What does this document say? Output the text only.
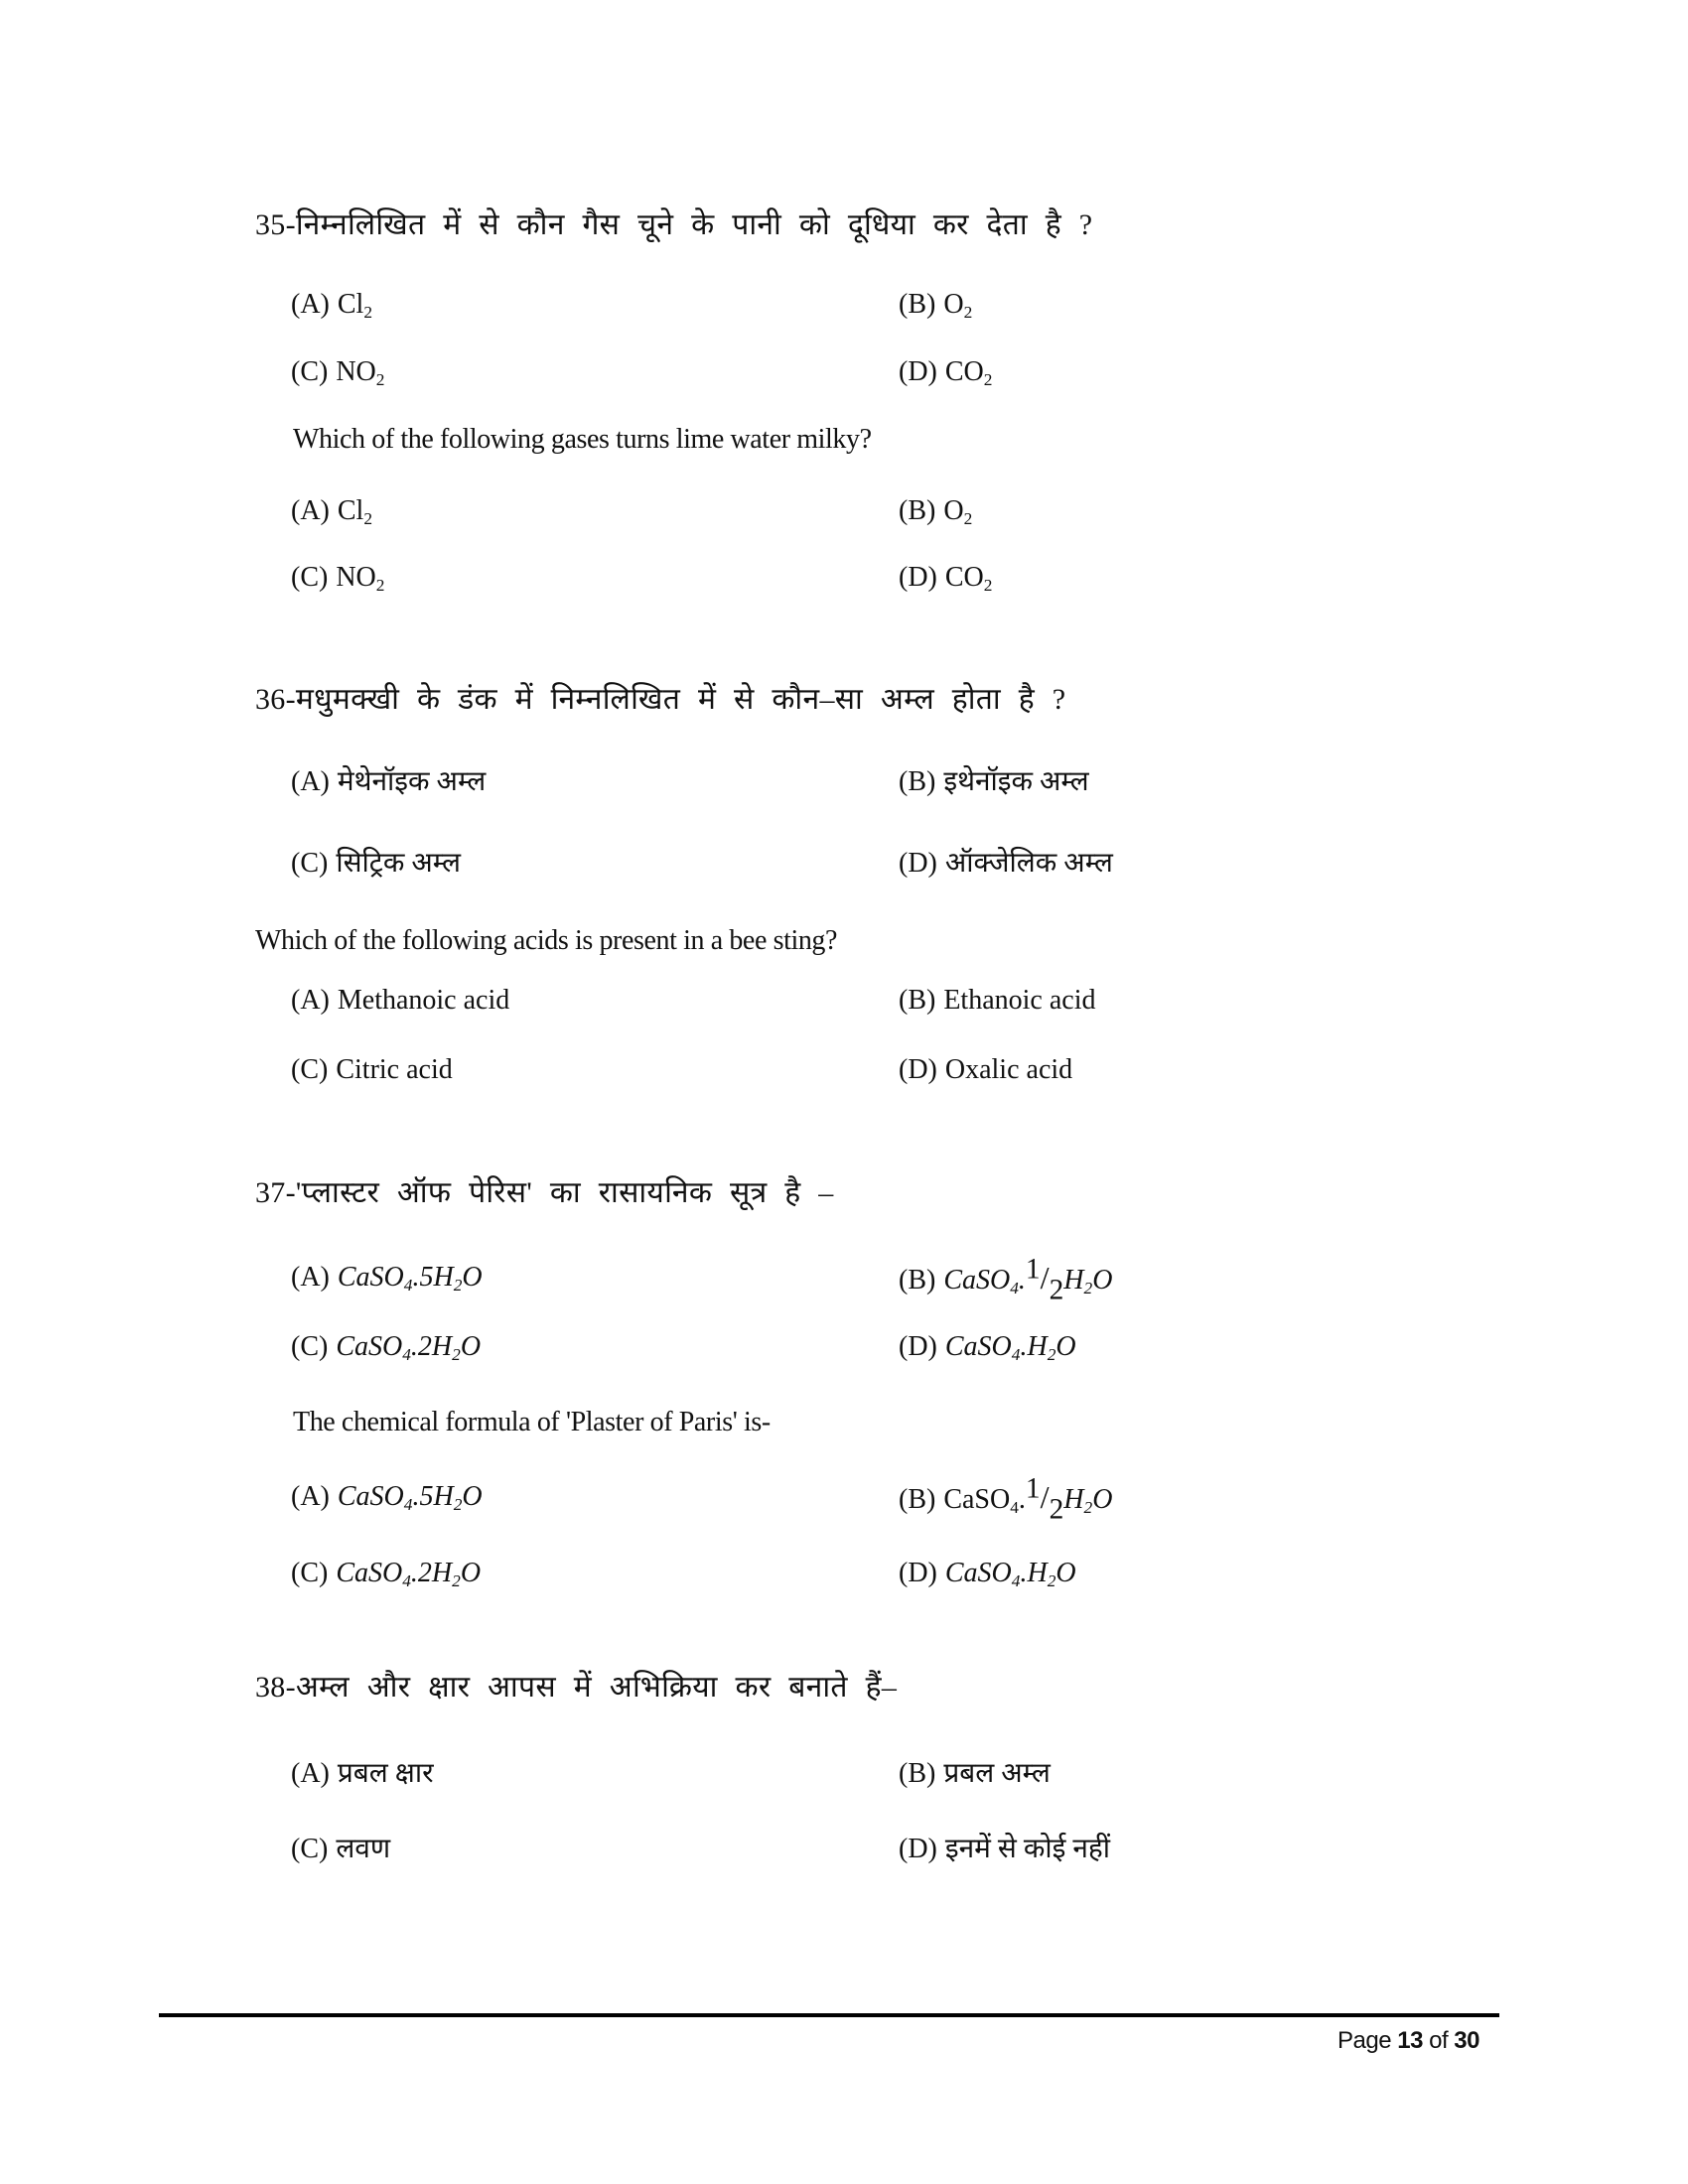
35-निम्नलिखित में से कौन गैस चूने के पानी को दूधिया कर देता है ?
(A) $Cl_2$	(B) $O_2$
(C) $NO_2$	(D) $CO_2$
Which of the following gases turns lime water milky?
(A) $Cl_2$	(B) $O_2$
(C) $NO_2$	(D) $CO_2$
36-मधुमक्खी के डंक में निम्नलिखित में से कौन–सा अम्ल होता है ?
(A) मेथेनॉइक अम्ल	(B) इथेनॉइक अम्ल
(C) सिट्रिक अम्ल	(D) ऑक्जेलिक अम्ल
Which of the following acids is present in a bee sting?
(A) Methanoic acid	(B) Ethanoic acid
(C) Citric acid	(D) Oxalic acid
37-'प्लास्टर ऑफ पेरिस' का रासायनिक सूत्र है –
(A) $CaSO_4.5H_2O$	(B) $CaSO_4.1/2H_2O$
(C) $CaSO_4.2H_2O$	(D) $CaSO_4.H_2O$
The chemical formula of 'Plaster of Paris' is-
(A) $CaSO_4.5H_2O$	(B) $CaSO_4.1/2H_2O$
(C) $CaSO_4.2H_2O$	(D) $CaSO_4.H_2O$
38-अम्ल और क्षार आपस में अभिक्रिया कर बनाते हैं–
(A) प्रबल क्षार	(B) प्रबल अम्ल
(C) लवण	(D) इनमें से कोई नहीं
Page 13 of 30
